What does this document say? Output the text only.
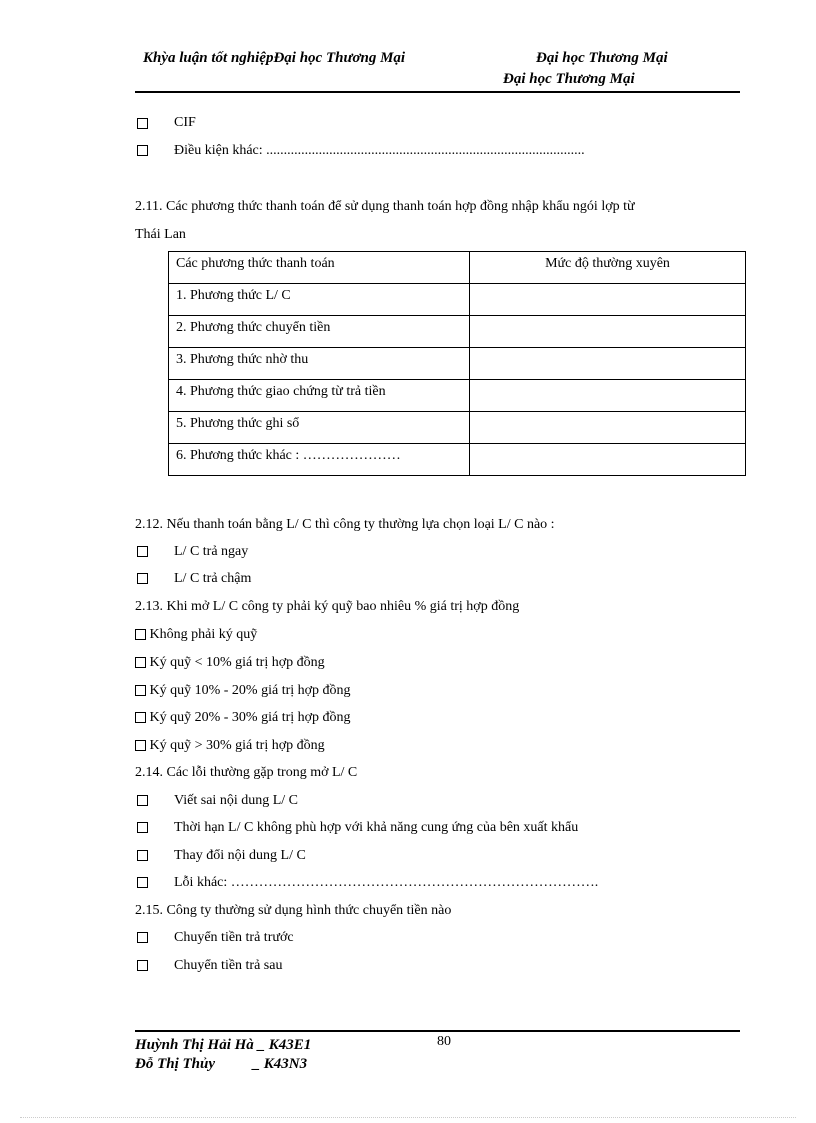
Khỳa luận tốt nghiệpĐại học Thương Mại	Đại học Thương Mại
Đại học Thương Mại
CIF
Điều kiện khác: ...........................................................................................
2.11. Các phương thức thanh toán để sử dụng thanh toán hợp đồng nhập khẩu ngói lợp từ
Thái Lan
Các phương thức thanh toán	Mức độ thường xuyên
1. Phương thức L/ C	
2. Phương thức chuyển tiền	
3. Phương thức nhờ thu	
4. Phương thức giao chứng từ trả tiền	
5. Phương thức ghi sổ	
6. Phương thức khác : …………………	
2.12. Nếu thanh toán bằng L/ C thì công ty thường lựa chọn loại L/ C nào :
L/ C trả ngay
L/ C trả chậm
2.13. Khi mở L/ C công ty phải ký quỹ bao nhiêu % giá trị hợp đồng
Không phải ký quỹ
Ký quỹ < 10% giá trị hợp đồng
Ký quỹ 10% - 20% giá trị hợp đồng
Ký quỹ 20% - 30% giá trị hợp đồng
Ký quỹ > 30% giá trị hợp đồng
2.14. Các lỗi thường gặp trong mở L/ C
Viết sai nội dung L/ C
Thời hạn L/ C không phù hợp với khả năng cung ứng của bên xuất khẩu
Thay đổi nội dung L/ C
Lỗi khác: …………………………………………………………………….
2.15. Công ty thường sử dụng hình thức chuyển tiền nào
Chuyển tiền trả trước
Chuyển tiền trả sau
80
Huỳnh Thị Hải Hà _ K43E1
Đỗ Thị Thủy          _ K43N3
